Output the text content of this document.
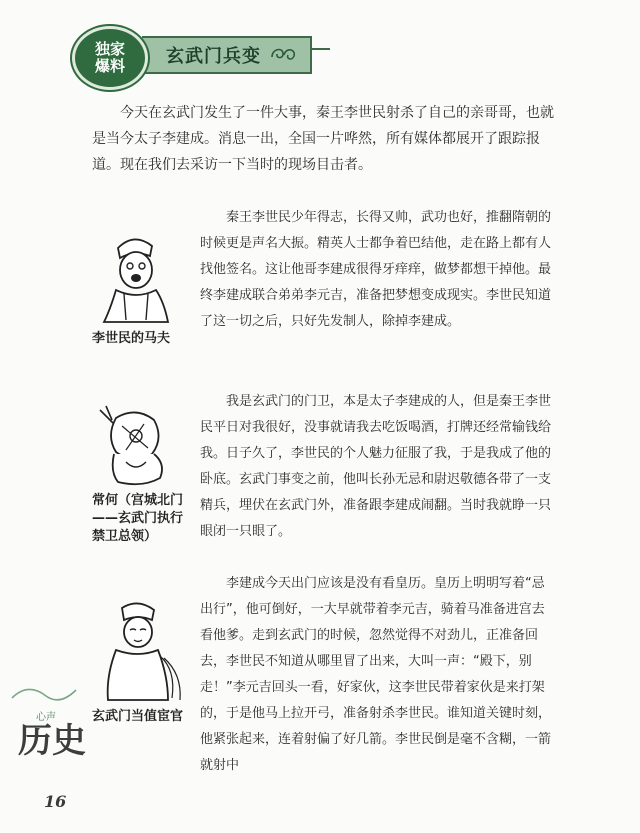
独家
爆料 玄武门兵变

今天在玄武门发生了一件大事，秦王李世民射杀了自己的亲哥哥，也就是当今太子李建成。消息一出，全国一片哗然，所有媒体都展开了跟踪报道。现在我们去采访一下当时的现场目击者。

李世民的马夫

秦王李世民少年得志，长得又帅，武功也好，推翻隋朝的时候更是声名大振。精英人士都争着巴结他，走在路上都有人找他签名。这让他哥李建成很得牙痒痒，做梦都想干掉他。最终李建成联合弟弟李元吉，准备把梦想变成现实。李世民知道了这一切之后，只好先发制人，除掉李建成。

常何（宫城北门——玄武门执行禁卫总领）

我是玄武门的门卫，本是太子李建成的人，但是秦王李世民平日对我很好，没事就请我去吃饭喝酒，打牌还经常输钱给我。日子久了，李世民的个人魅力征服了我，于是我成了他的卧底。玄武门事变之前，他叫长孙无忌和尉迟敬德各带了一支精兵，埋伏在玄武门外，准备跟李建成闹翻。当时我就睁一只眼闭一只眼了。

玄武门当值宦官

李建成今天出门应该是没有看皇历。皇历上明明写着“忌出行”，他可倒好，一大早就带着李元吉，骑着马准备进宫去看他爹。走到玄武门的时候，忽然觉得不对劲儿，正准备回去，李世民不知道从哪里冒了出来，大叫一声：“殿下，别走！”李元吉回头一看，好家伙，这李世民带着家伙是来打架的，于是他马上拉开弓，准备射杀李世民。谁知道关键时刻，他紧张起来，连着射偏了好几箭。李世民倒是毫不含糊，一箭就射中

心声
历史
16
